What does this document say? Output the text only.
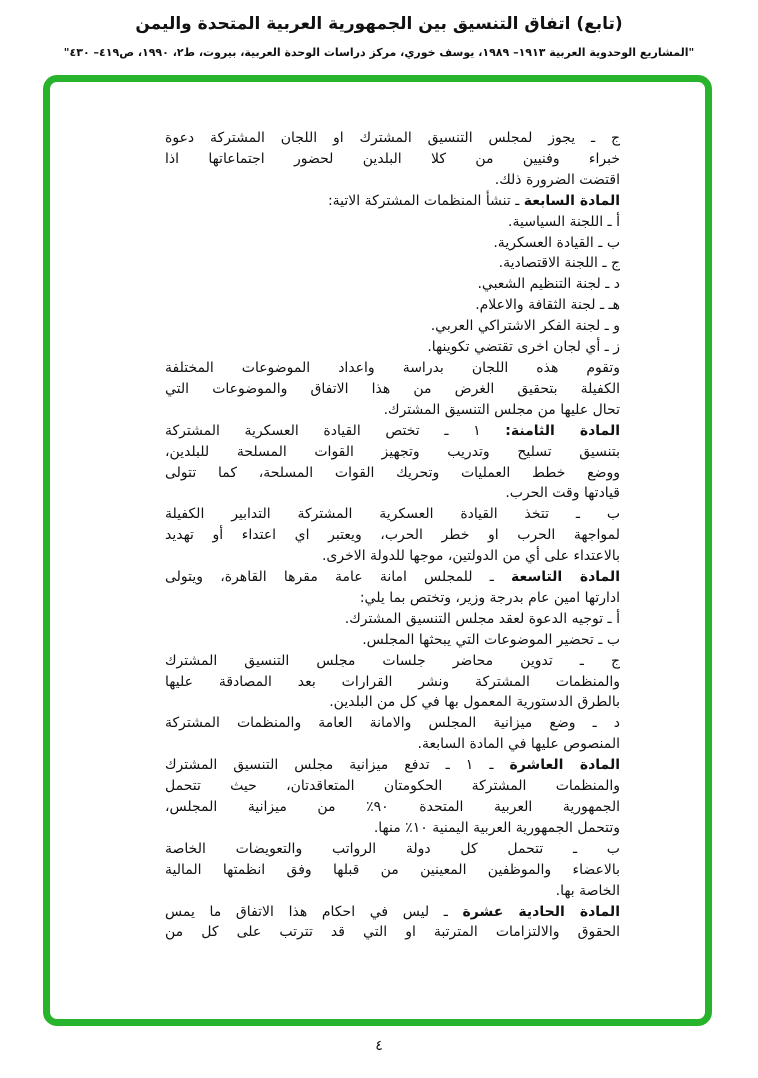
(تابع) اتفاق التنسيق بين الجمهورية العربية المتحدة واليمن
"المشاريع الوحدوية العربية ١٩١٣– ١٩٨٩، يوسف خوري، مركز دراسات الوحدة العربية، بيروت، ط٢، ١٩٩٠، ص٤١٩– ٤٣٠"
ج ـ يجوز لمجلس التنسيق المشترك او اللجان المشتركة دعوة
خبراء وفنيين من كلا البلدين لحضور اجتماعاتها اذا
اقتضت الضرورة ذلك.
المادة السابعة ـ تنشأ المنظمات المشتركة الاتية:
أ ـ اللجنة السياسية.
ب ـ القيادة العسكرية.
ج ـ اللجنة الاقتصادية.
د ـ لجنة التنظيم الشعبي.
هـ ـ لجنة الثقافة والاعلام.
و ـ لجنة الفكر الاشتراكي العربي.
ز ـ أي لجان اخرى تقتضي تكوينها.
وتقوم هذه اللجان بدراسة واعداد الموضوعات المختلفة
الكفيلة بتحقيق الغرض من هذا الاتفاق والموضوعات التي
تحال عليها من مجلس التنسيق المشترك.
المادة الثامنة: ١ ـ تختص القيادة العسكرية المشتركة
بتنسيق تسليح وتدريب وتجهيز القوات المسلحة للبلدين،
ووضع خطط العمليات وتحريك القوات المسلحة، كما تتولى
قيادتها وقت الحرب.
ب ـ تتخذ القيادة العسكرية المشتركة التدابير الكفيلة
لمواجهة الحرب او خطر الحرب، ويعتبر اي اعتداء أو تهديد
بالاعتداء على أي من الدولتين، موجها للدولة الاخرى.
المادة التاسعة ـ للمجلس امانة عامة مقرها القاهرة، ويتولى
ادارتها امين عام بدرجة وزير، وتختص بما يلي:
أ ـ توجيه الدعوة لعقد مجلس التنسيق المشترك.
ب ـ تحضير الموضوعات التي يبحثها المجلس.
ج ـ تدوين محاضر جلسات مجلس التنسيق المشترك
والمنظمات المشتركة ونشر القرارات بعد المصادقة عليها
بالطرق الدستورية المعمول بها في كل من البلدين.
د ـ وضع ميزانية المجلس والامانة العامة والمنظمات المشتركة
المنصوص عليها في المادة السابعة.
المادة العاشرة ـ ١ ـ تدفع ميزانية مجلس التنسيق المشترك
والمنظمات المشتركة الحكومتان المتعاقدتان، حيث تتحمل
الجمهورية العربية المتحدة ٩٠٪ من ميزانية المجلس،
وتتحمل الجمهورية العربية اليمنية ١٠٪ منها.
ب ـ تتحمل كل دولة الرواتب والتعويضات الخاصة
بالاعضاء والموظفين المعينين من قبلها وفق انظمتها المالية
الخاصة بها.
المادة الحادية عشرة ـ ليس في احكام هذا الاتفاق ما يمس
الحقوق والالتزامات المترتبة او التي قد تترتب على كل من
٤
